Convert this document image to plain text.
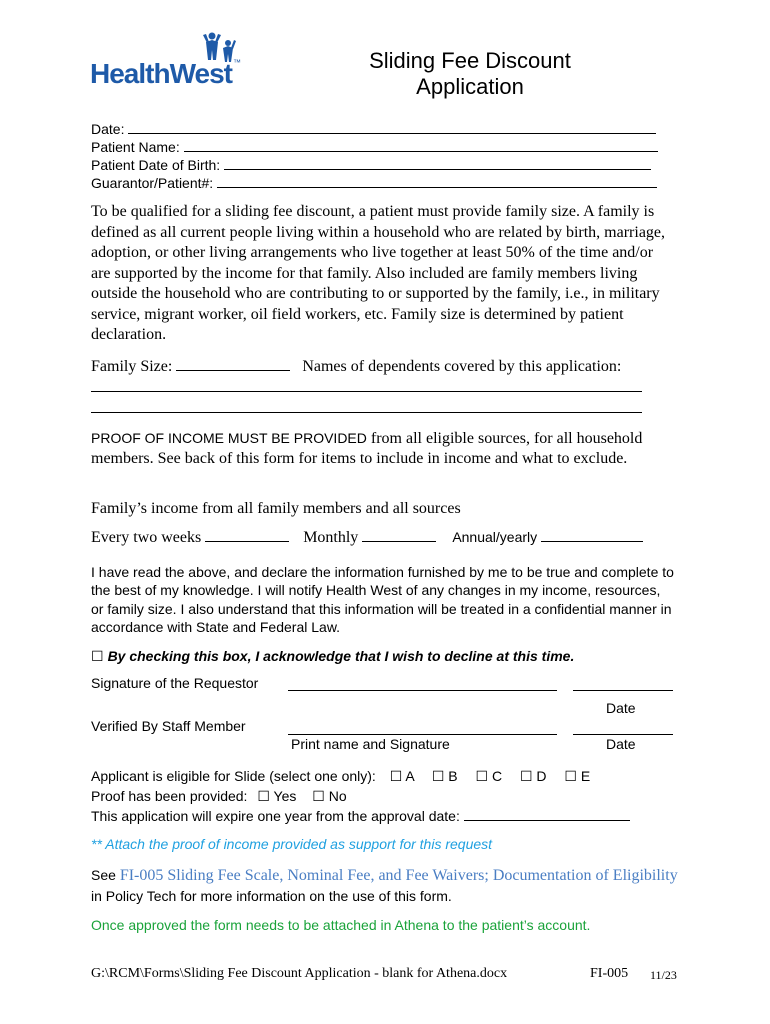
HealthWest™	Sliding Fee Discount
Application
Date:
Patient Name:
Patient Date of Birth:
Guarantor/Patient#:
To be qualified for a sliding fee discount, a patient must provide family size. A family is defined as all current people living within a household who are related by birth, marriage, adoption, or other living arrangements who live together at least 50% of the time and/or are supported by the income for that family. Also included are family members living outside the household who are contributing to or supported by the family, i.e., in military service, migrant worker, oil field workers, etc. Family size is determined by patient declaration.
Family Size:	Names of dependents covered by this application:
PROOF OF INCOME MUST BE PROVIDED from all eligible sources, for all household members. See back of this form for items to include in income and what to exclude.
Family’s income from all family members and all sources
Every two weeks	Monthly	Annual/yearly
I have read the above, and declare the information furnished by me to be true and complete to the best of my knowledge. I will notify Health West of any changes in my income, resources, or family size. I also understand that this information will be treated in a confidential manner in accordance with State and Federal Law.
☐ By checking this box, I acknowledge that I wish to decline at this time.
Signature of the Requestor
Date
Verified By Staff Member
Print name and Signature	Date
Applicant is eligible for Slide (select one only): ☐ A ☐ B ☐ C ☐ D ☐ E
Proof has been provided: ☐ Yes ☐ No
This application will expire one year from the approval date:
** Attach the proof of income provided as support for this request
See FI-005 Sliding Fee Scale, Nominal Fee, and Fee Waivers; Documentation of Eligibility in Policy Tech for more information on the use of this form.
Once approved the form needs to be attached in Athena to the patient’s account.
G:\RCM\Forms\Sliding Fee Discount Application - blank for Athena.docx	FI-005 11/23
